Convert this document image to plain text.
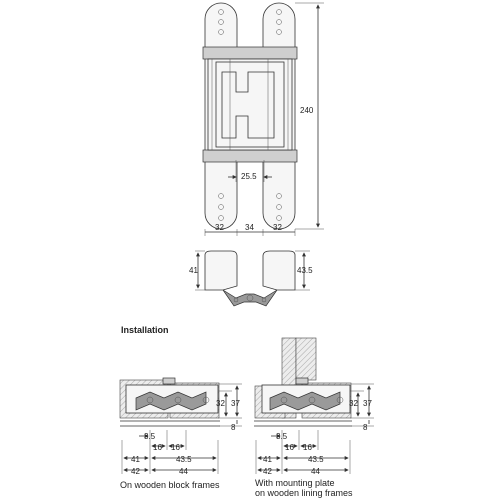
240
25.5
32	34 32
41	43.5
Installation
32 37
8
3.5
16 16
41	43.5
42	44
On wooden block frames
32 37
8
3.5
16 16
41	43.5
42	44
With mounting plate
on wooden lining frames
